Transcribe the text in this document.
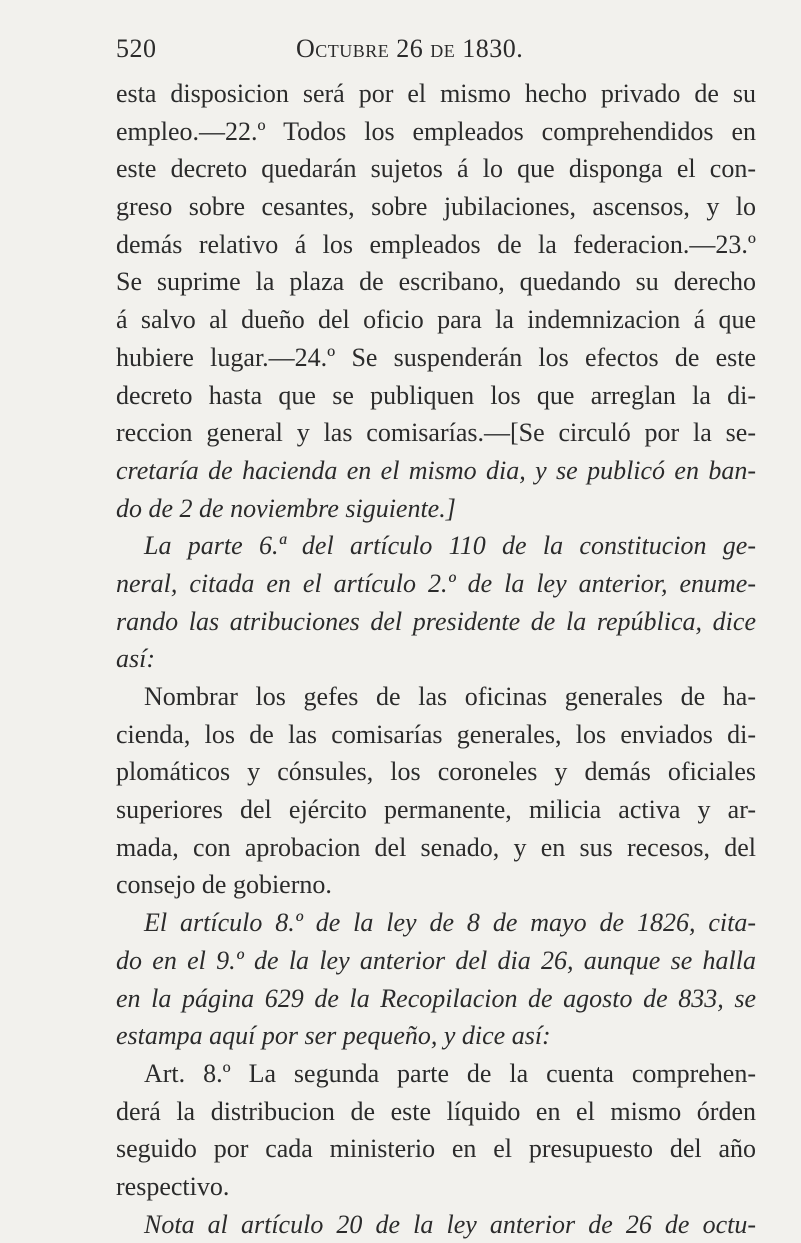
520	Octubre 26 de 1830.
esta disposicion será por el mismo hecho privado de su
empleo.—22.º Todos los empleados comprehendidos en
este decreto quedarán sujetos á lo que disponga el con-
greso sobre cesantes, sobre jubilaciones, ascensos, y lo
demás relativo á los empleados de la federacion.—23.º
Se suprime la plaza de escribano, quedando su derecho
á salvo al dueño del oficio para la indemnizacion á que
hubiere lugar.—24.º Se suspenderán los efectos de este
decreto hasta que se publiquen los que arreglan la di-
reccion general y las comisarías.—[Se circuló por la se-
cretaría de hacienda en el mismo dia, y se publicó en ban-
do de 2 de noviembre siguiente.]
La parte 6.ª del artículo 110 de la constitucion ge-
neral, citada en el artículo 2.º de la ley anterior, enume-
rando las atribuciones del presidente de la república, dice
así:
Nombrar los gefes de las oficinas generales de ha-
cienda, los de las comisarías generales, los enviados di-
plomáticos y cónsules, los coroneles y demás oficiales
superiores del ejército permanente, milicia activa y ar-
mada, con aprobacion del senado, y en sus recesos, del
consejo de gobierno.
El artículo 8.º de la ley de 8 de mayo de 1826, cita-
do en el 9.º de la ley anterior del dia 26, aunque se halla
en la página 629 de la Recopilacion de agosto de 833, se
estampa aquí por ser pequeño, y dice así:
Art. 8.º La segunda parte de la cuenta comprehen-
derá la distribucion de este líquido en el mismo órden
seguido por cada ministerio en el presupuesto del año
respectivo.
Nota al artículo 20 de la ley anterior de 26 de octu-
